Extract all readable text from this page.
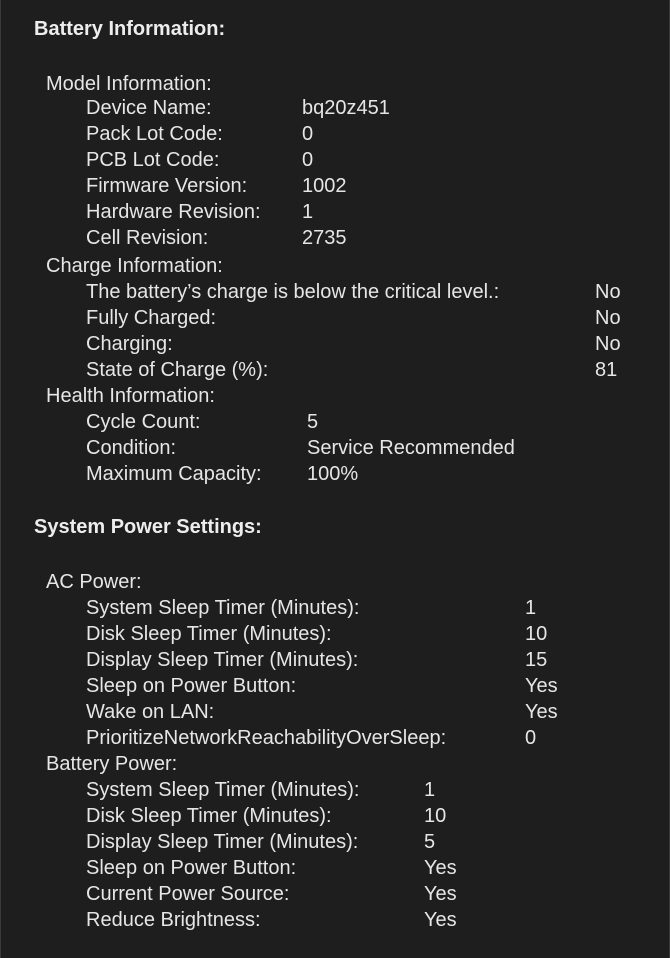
Battery Information:
Model Information:
Device Name:	bq20z451
Pack Lot Code:	0
PCB Lot Code:	0
Firmware Version:	1002
Hardware Revision: 1
Cell Revision:	2735
Charge Information:
The battery’s charge is below the critical level.:	No
Fully Charged:	No
Charging:	No
State of Charge (%):	81
Health Information:
Cycle Count:	5
Condition:	Service Recommended
Maximum Capacity: 100%
System Power Settings:
AC Power:
System Sleep Timer (Minutes):	1
Disk Sleep Timer (Minutes):	10
Display Sleep Timer (Minutes):	15
Sleep on Power Button:	Yes
Wake on LAN:	Yes
PrioritizeNetworkReachabilityOverSleep:	0
Battery Power:
System Sleep Timer (Minutes):	1
Disk Sleep Timer (Minutes):	10
Display Sleep Timer (Minutes):	5
Sleep on Power Button:	Yes
Current Power Source:	Yes
Reduce Brightness:	Yes
